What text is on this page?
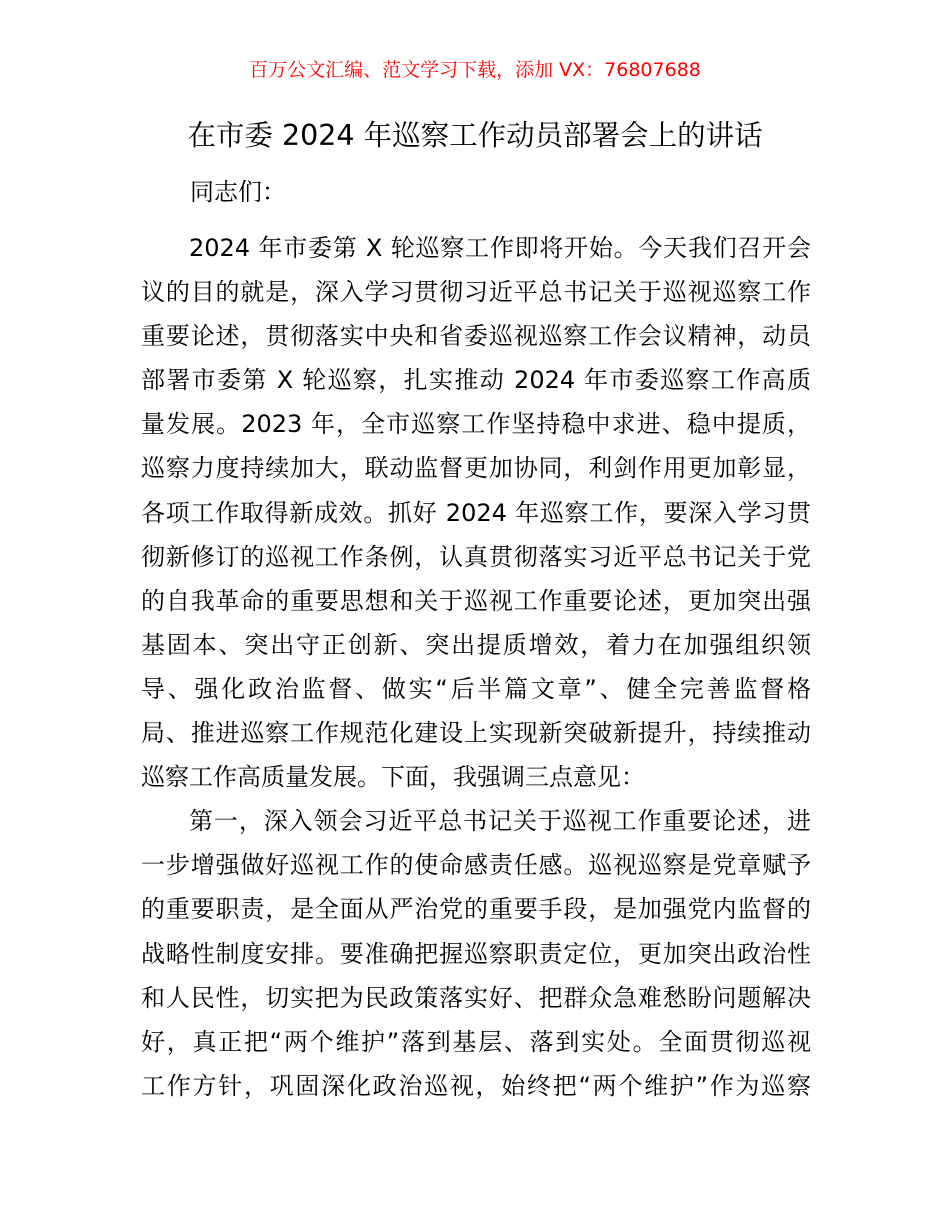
百万公文汇编、范文学习下载，添加 VX：76807688
在市委 2024 年巡察工作动员部署会上的讲话
同志们：
2024 年市委第 X 轮巡察工作即将开始。今天我们召开会
议的目的就是，深入学习贯彻习近平总书记关于巡视巡察工作
重要论述，贯彻落实中央和省委巡视巡察工作会议精神，动员
部署市委第 X 轮巡察，扎实推动 2024 年市委巡察工作高质
量发展。2023 年，全市巡察工作坚持稳中求进、稳中提质，
巡察力度持续加大，联动监督更加协同，利剑作用更加彰显，
各项工作取得新成效。抓好 2024 年巡察工作，要深入学习贯
彻新修订的巡视工作条例，认真贯彻落实习近平总书记关于党
的自我革命的重要思想和关于巡视工作重要论述，更加突出强
基固本、突出守正创新、突出提质增效，着力在加强组织领
导、强化政治监督、做实“后半篇文章”、健全完善监督格
局、推进巡察工作规范化建设上实现新突破新提升，持续推动
巡察工作高质量发展。下面，我强调三点意见：
第一，深入领会习近平总书记关于巡视工作重要论述，进
一步增强做好巡视工作的使命感责任感。巡视巡察是党章赋予
的重要职责，是全面从严治党的重要手段，是加强党内监督的
战略性制度安排。要准确把握巡察职责定位，更加突出政治性
和人民性，切实把为民政策落实好、把群众急难愁盼问题解决
好，真正把“两个维护”落到基层、落到实处。全面贯彻巡视
工作方针，巩固深化政治巡视，始终把“两个维护”作为巡察
